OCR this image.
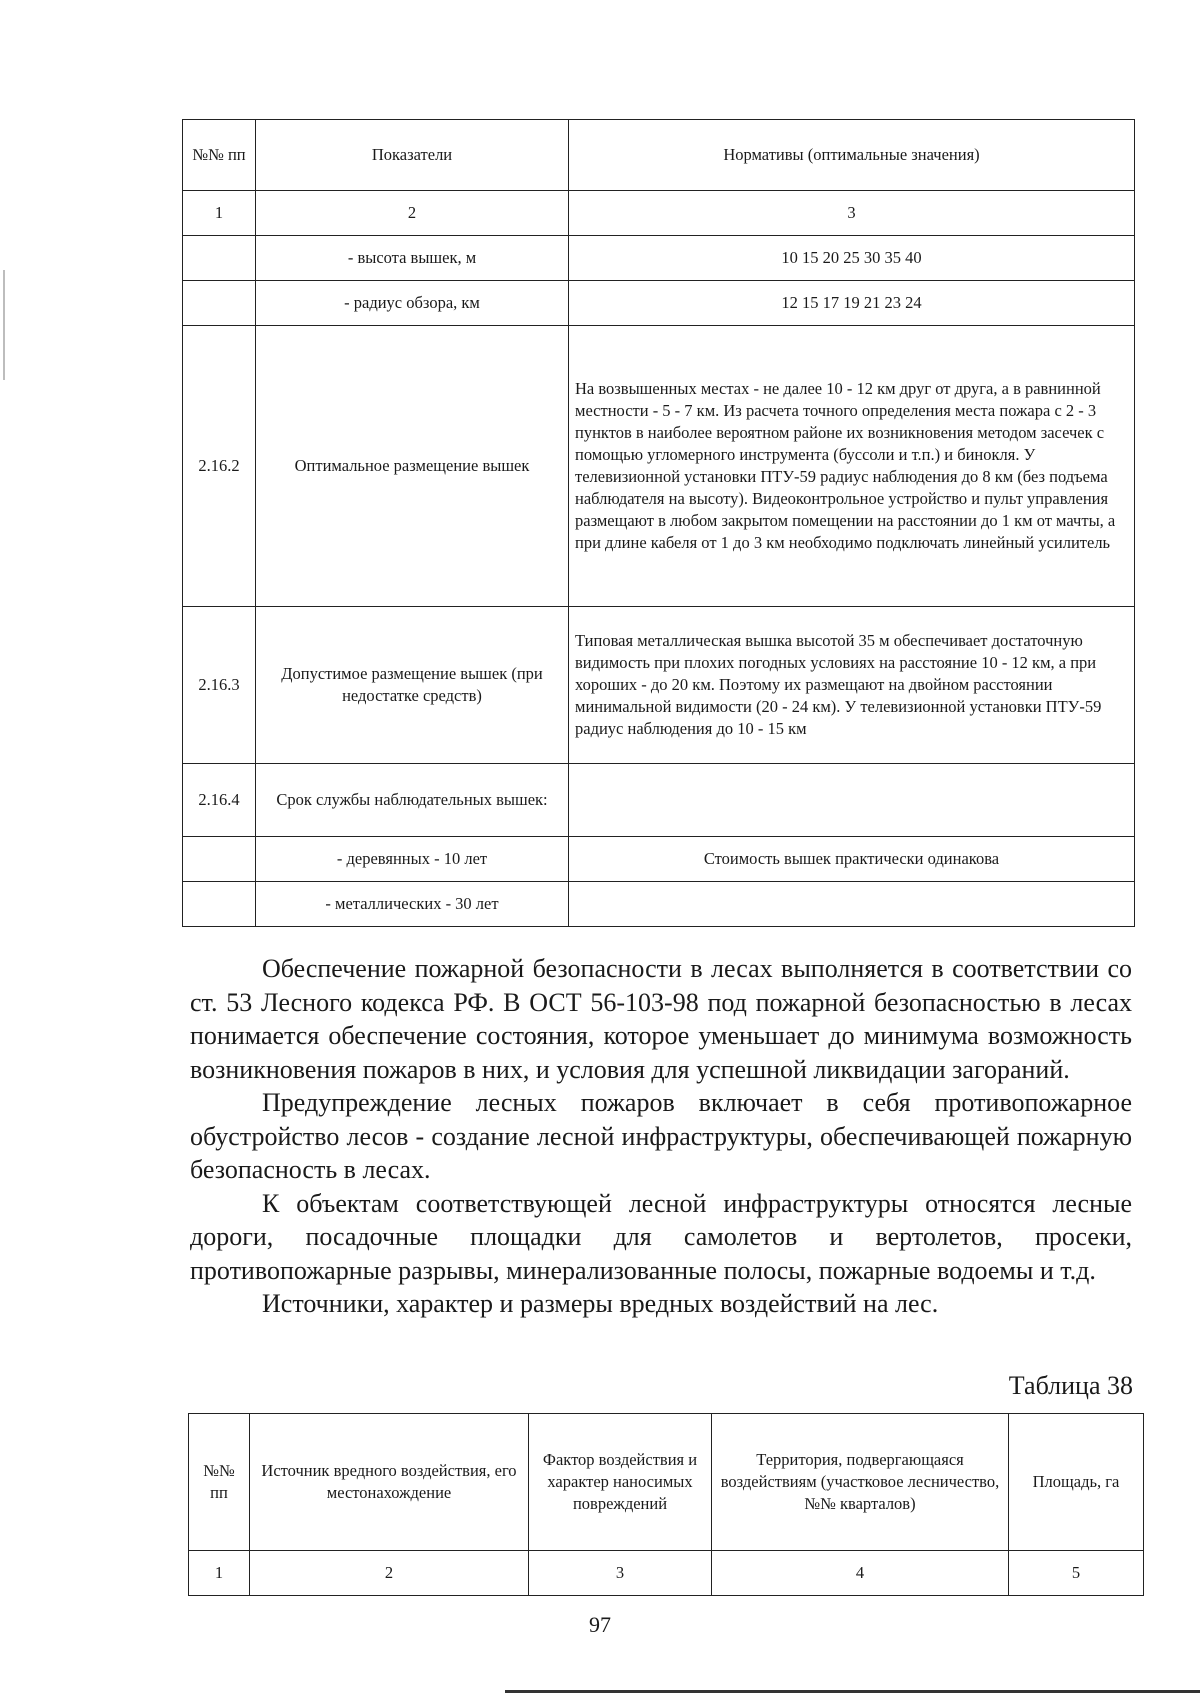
№№ пп	Показатели	Нормативы (оптимальные значения)
1	2	3
	- высота вышек, м	10 15 20 25 30 35 40
	- радиус обзора, км	12 15 17 19 21 23 24
2.16.2	Оптимальное размещение вышек	На возвышенных местах - не далее 10 - 12 км друг от друга, а в равнинной местности - 5 - 7 км. Из расчета точного определения места пожара с 2 - 3 пунктов в наиболее вероятном районе их возникновения методом засечек с помощью угломерного инструмента (буссоли и т.п.) и бинокля. У телевизионной установки ПТУ-59 радиус наблюдения до 8 км (без подъема наблюдателя на высоту). Видеоконтрольное устройство и пульт управления размещают в любом закрытом помещении на расстоянии до 1 км от мачты, а при длине кабеля от 1 до 3 км необходимо подключать линейный усилитель
2.16.3	Допустимое размещение вышек (при недостатке средств)	Типовая металлическая вышка высотой 35 м обеспечивает достаточную видимость при плохих погодных условиях на расстояние 10 - 12 км, а при хороших - до 20 км. Поэтому их размещают на двойном расстоянии минимальной видимости (20 - 24 км). У телевизионной установки ПТУ-59 радиус наблюдения до 10 - 15 км
2.16.4	Срок службы наблюдательных вышек:	
	- деревянных - 10 лет	Стоимость вышек практически одинакова
	- металлических - 30 лет	

Обеспечение пожарной безопасности в лесах выполняется в соответствии со ст. 53 Лесного кодекса РФ. В ОСТ 56-103-98 под пожарной безопасностью в лесах понимается обеспечение состояния, которое уменьшает до минимума возможность возникновения пожаров в них, и условия для успешной ликвидации загораний.

Предупреждение лесных пожаров включает в себя противопожарное обустройство лесов - создание лесной инфраструктуры, обеспечивающей пожарную безопасность в лесах.

К объектам соответствующей лесной инфраструктуры относятся лесные дороги, посадочные площадки для самолетов и вертолетов, просеки, противопожарные разрывы, минерализованные полосы, пожарные водоемы и т.д.

Источники, характер и размеры вредных воздействий на лес.

Таблица 38
№№ пп	Источник вредного воздействия, его местонахождение	Фактор воздействия и характер наносимых повреждений	Территория, подвергающаяся воздействиям (участковое лесничество, №№ кварталов)	Площадь, га
1	2	3	4	5
97
